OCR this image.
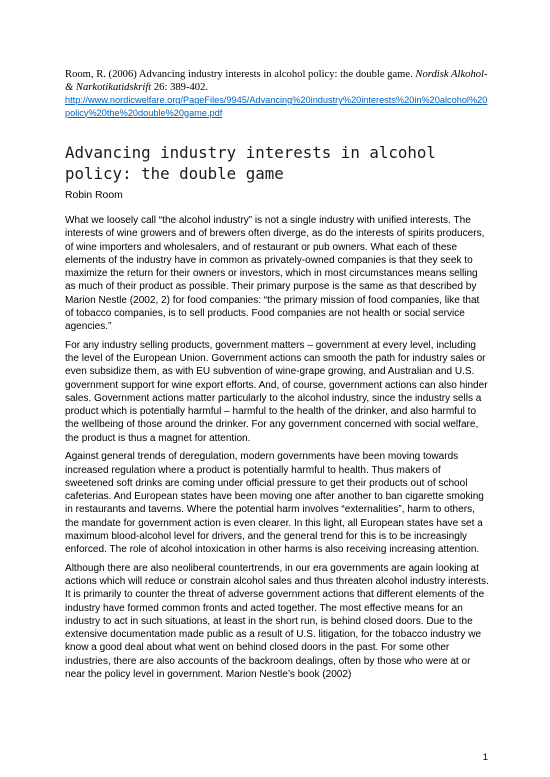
Room, R. (2006) Advancing industry interests in alcohol policy: the double game. Nordisk Alkohol- & Narkotikatidskrift 26: 389-402.
http://www.nordicwelfare.org/PageFiles/9945/Advancing%20industry%20interests%20in%20alcohol%20policy%20the%20double%20game.pdf
Advancing industry interests in alcohol policy: the double game
Robin Room

What we loosely call “the alcohol industry” is not a single industry with unified interests. The interests of wine growers and of brewers often diverge, as do the interests of spirits producers, of wine importers and wholesalers, and of restaurant or pub owners. What each of these elements of the industry have in common as privately-owned companies is that they seek to maximize the return for their owners or investors, which in most circumstances means selling as much of their product as possible. Their primary purpose is the same as that described by Marion Nestle (2002, 2) for food companies: “the primary mission of food companies, like that of tobacco companies, is to sell products. Food companies are not health or social service agencies.”

For any industry selling products, government matters – government at every level, including the level of the European Union. Government actions can smooth the path for industry sales or even subsidize them, as with EU subvention of wine-grape growing, and Australian and U.S. government support for wine export efforts. And, of course, government actions can also hinder sales. Government actions matter particularly to the alcohol industry, since the industry sells a product which is potentially harmful – harmful to the health of the drinker, and also harmful to the wellbeing of those around the drinker. For any government concerned with social welfare, the product is thus a magnet for attention.

Against general trends of deregulation, modern governments have been moving towards increased regulation where a product is potentially harmful to health. Thus makers of sweetened soft drinks are coming under official pressure to get their products out of school cafeterias. And European states have been moving one after another to ban cigarette smoking in restaurants and taverns. Where the potential harm involves “externalities”, harm to others, the mandate for government action is even clearer. In this light, all European states have set a maximum blood-alcohol level for drivers, and the general trend for this is to be increasingly enforced. The role of alcohol intoxication in other harms is also receiving increasing attention.

Although there are also neoliberal countertrends, in our era governments are again looking at actions which will reduce or constrain alcohol sales and thus threaten alcohol industry interests. It is primarily to counter the threat of adverse government actions that different elements of the industry have formed common fronts and acted together. The most effective means for an industry to act in such situations, at least in the short run, is behind closed doors. Due to the extensive documentation made public as a result of U.S. litigation, for the tobacco industry we know a good deal about what went on behind closed doors in the past. For some other industries, there are also accounts of the backroom dealings, often by those who were at or near the policy level in government. Marion Nestle’s book (2002)

1
